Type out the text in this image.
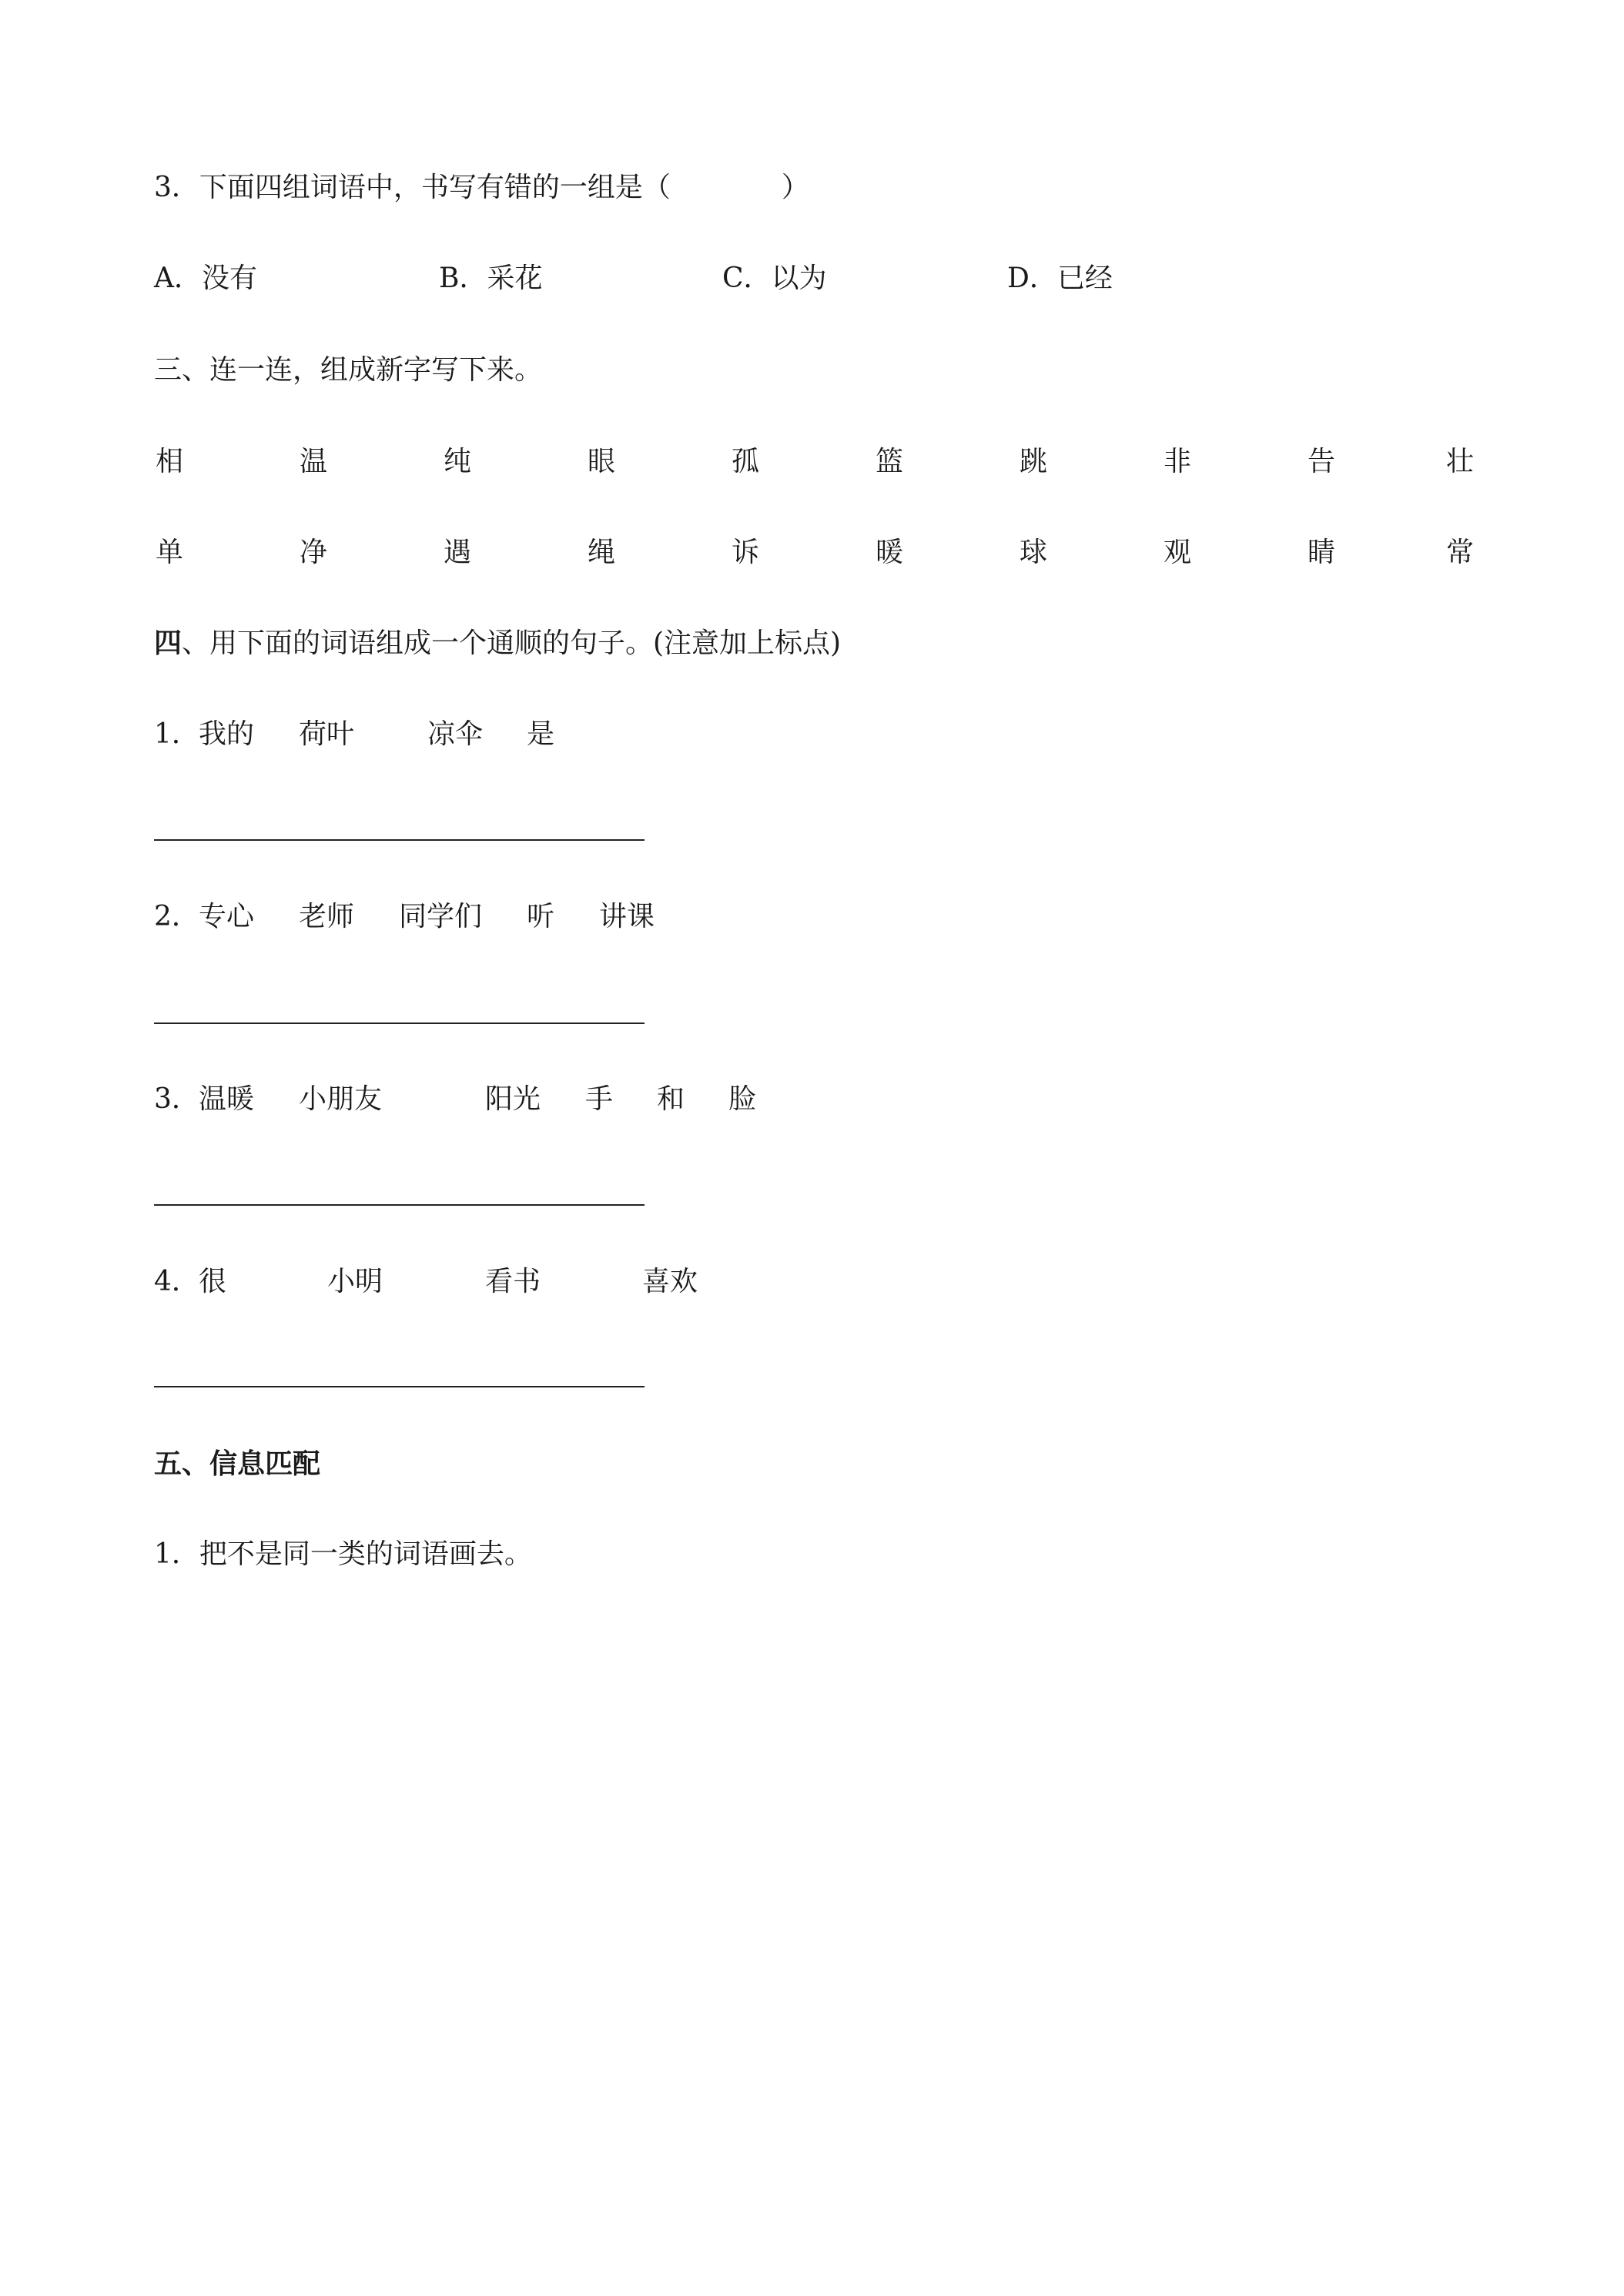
3．下面四组词语中，书写有错的一组是（　　　　）
A．没有	B．采花	C．以为	D．已经
三、连一连，组成新字写下来。
相	温	纯	眼	孤	篮	跳	非	告	壮
单	净	遇	绳	诉	暖	球	观	睛	常
四、用下面的词语组成一个通顺的句子。(注意加上标点)
1． 我的 荷叶	凉伞 是
2． 专心 老师 同学们 听 讲课
3． 温暖 小朋友	阳光 手 和 脸
4． 很	小明	看书	喜欢
五、信息匹配
1．把不是同一类的词语画去。
